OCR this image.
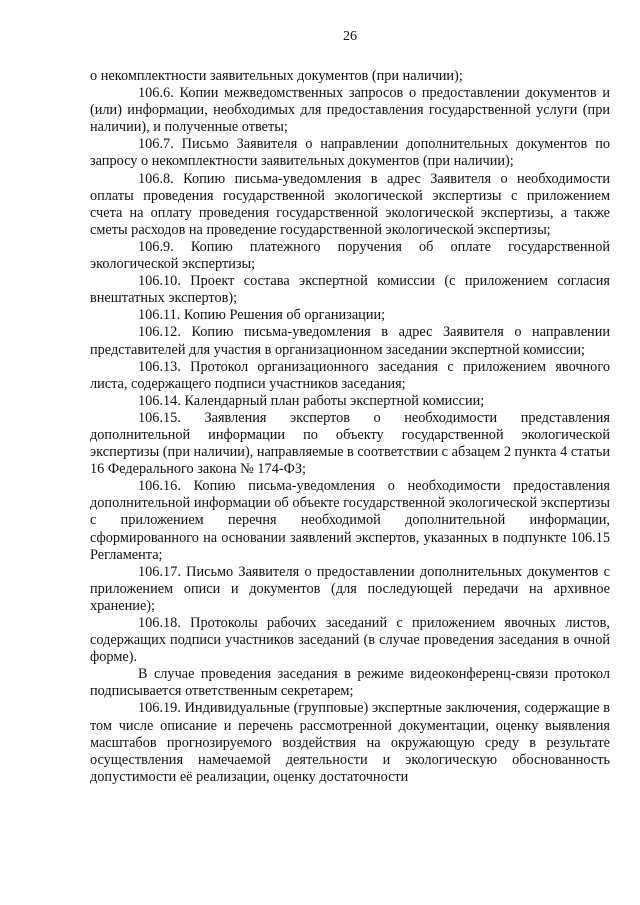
26

о некомплектности заявительных документов (при наличии);

106.6. Копии межведомственных запросов о предоставлении документов и (или) информации, необходимых для предоставления государственной услуги (при наличии), и полученные ответы;

106.7. Письмо Заявителя о направлении дополнительных документов по запросу о некомплектности заявительных документов (при наличии);

106.8. Копию письма-уведомления в адрес Заявителя о необходимости оплаты проведения государственной экологической экспертизы с приложением счета на оплату проведения государственной экологической экспертизы, а также сметы расходов на проведение государственной экологической экспертизы;

106.9. Копию платежного поручения об оплате государственной экологической экспертизы;

106.10. Проект состава экспертной комиссии (с приложением согласия внештатных экспертов);

106.11. Копию Решения об организации;

106.12. Копию письма-уведомления в адрес Заявителя о направлении представителей для участия в организационном заседании экспертной комиссии;

106.13. Протокол организационного заседания с приложением явочного листа, содержащего подписи участников заседания;

106.14. Календарный план работы экспертной комиссии;

106.15. Заявления экспертов о необходимости представления дополнительной информации по объекту государственной экологической экспертизы (при наличии), направляемые в соответствии с абзацем 2 пункта 4 статьи 16 Федерального закона № 174-ФЗ;

106.16. Копию письма-уведомления о необходимости предоставления дополнительной информации об объекте государственной экологической экспертизы с приложением перечня необходимой дополнительной информации, сформированного на основании заявлений экспертов, указанных в подпункте 106.15 Регламента;

106.17. Письмо Заявителя о предоставлении дополнительных документов с приложением описи и документов (для последующей передачи на архивное хранение);

106.18. Протоколы рабочих заседаний с приложением явочных листов, содержащих подписи участников заседаний (в случае проведения заседания в очной форме).

В случае проведения заседания в режиме видеоконференц-связи протокол подписывается ответственным секретарем;

106.19. Индивидуальные (групповые) экспертные заключения, содержащие в том числе описание и перечень рассмотренной документации, оценку выявления масштабов прогнозируемого воздействия на окружающую среду в результате осуществления намечаемой деятельности и экологическую обоснованность допустимости её реализации, оценку достаточности
